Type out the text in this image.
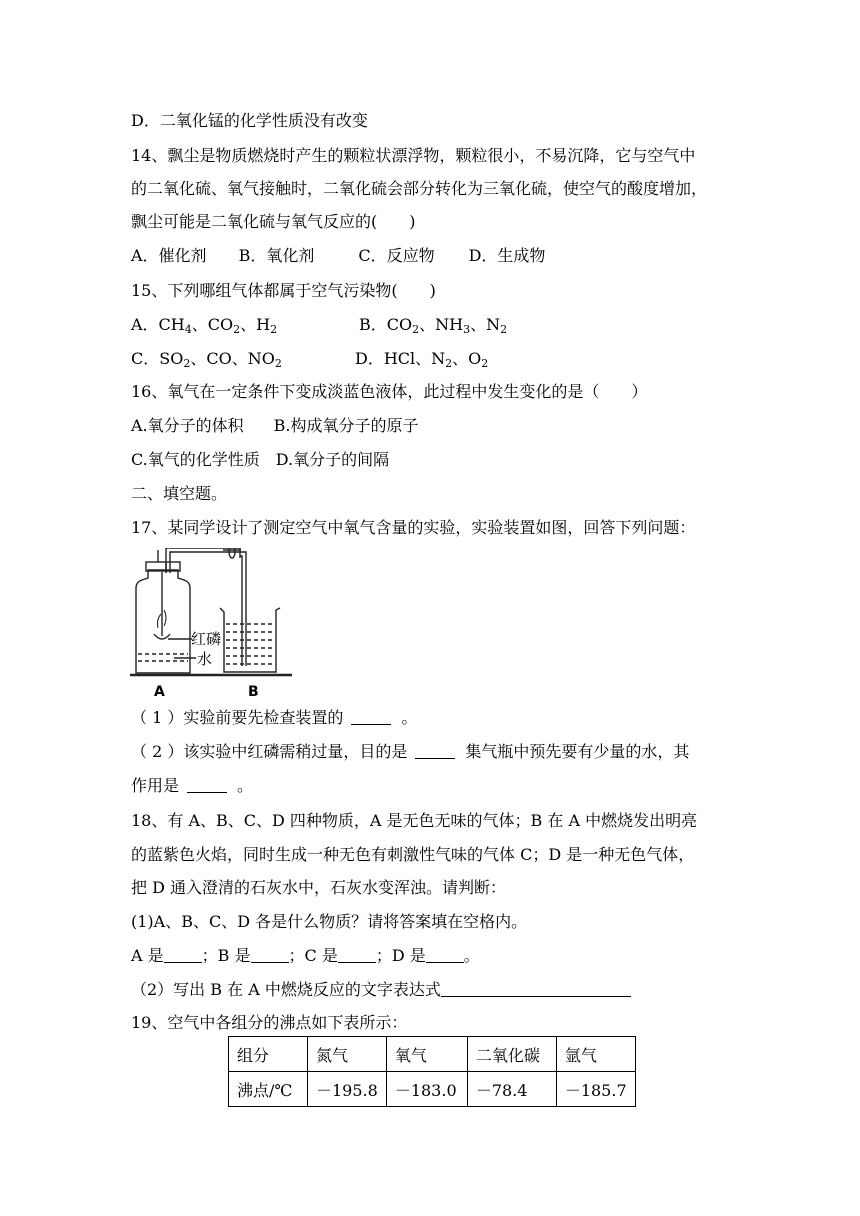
D．二氧化锰的化学性质没有改变
14、飘尘是物质燃烧时产生的颗粒状漂浮物，颗粒很小，不易沉降，它与空气中
的二氧化硫、氧气接触时，二氧化硫会部分转化为三氧化硫，使空气的酸度增加，
飘尘可能是二氧化硫与氧气反应的(　　)
A．催化剂 B．氧化剂	C．反应物 D．生成物
15、下列哪组气体都属于空气污染物(　　)
A．$CH_4$、$CO_2$、$H_2$	B．$CO_2$、$NH_3$、$N_2$
C．$SO_2$、CO、$NO_2$	D．HCl、$N_2$、$O_2$
16、氧气在一定条件下变成淡蓝色液体，此过程中发生变化的是（　　）
A.氧分子的体积 B.构成氧分子的原子
C.氧气的化学性质 D.氧分子的间隔
二、填空题。
17、某同学设计了测定空气中氧气含量的实验，实验装置如图，回答下列问题：
红磷
水
A	B
（ 1 ）实验前要先检查装置的	。
（ 2 ）该实验中红磷需稍过量，目的是	集气瓶中预先要有少量的水，其
作用是	。
18、有 A、B、C、D 四种物质，A 是无色无味的气体；B 在 A 中燃烧发出明亮
的蓝紫色火焰，同时生成一种无色有刺激性气味的气体 C；D 是一种无色气体，
把 D 通入澄清的石灰水中，石灰水变浑浊。请判断：
(1)A、B、C、D 各是什么物质？请将答案填在空格内。
A 是 ；B 是 ；C 是 ；D 是 。
（2）写出 B 在 A 中燃烧反应的文字表达式
19、空气中各组分的沸点如下表所示：
组分	氮气	氧气	二氧化碳	氩气
沸点/℃	－195.8	－183.0	－78.4	－185.7
